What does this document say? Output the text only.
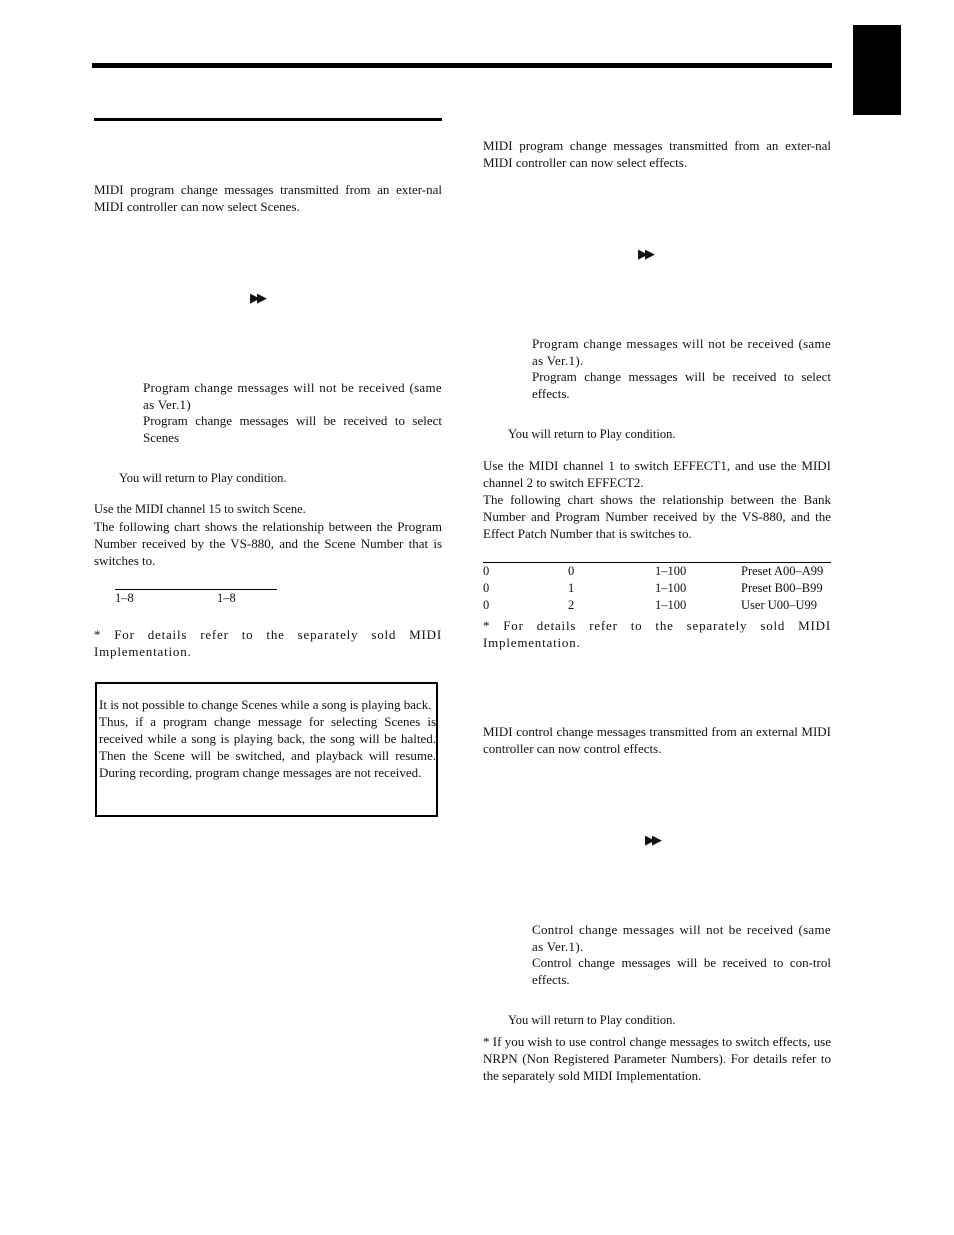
MIDI program change messages transmitted from an exter-nal MIDI controller can now select Scenes.
▶▶
Program change messages will not be received (same as Ver.1)
Program change messages will be received to select Scenes
You will return to Play condition.
Use the MIDI channel 15 to switch Scene.
The following chart shows the relationship between the Program Number received by the VS-880, and the Scene Number that is switches to.
1–8	1–8
* For details refer to the separately sold MIDI Implementation.
It is not possible to change Scenes while a song is playing back.
Thus, if a program change message for selecting Scenes is received while a song is playing back, the song will be halted. Then the Scene will be switched, and playback will resume. During recording, program change messages are not received.
MIDI program change messages transmitted from an exter-nal MIDI controller can now select effects.
▶▶
Program change messages will not be received (same as Ver.1).
Program change messages will be received to select effects.
You will return to Play condition.
Use the MIDI channel 1 to switch EFFECT1, and use the MIDI channel 2 to switch EFFECT2.
The following chart shows the relationship between the Bank Number and Program Number received by the VS-880, and the Effect Patch Number that is switches to.
0	0	1–100	Preset A00–A99
0	1	1–100	Preset B00–B99
0	2	1–100	User U00–U99
* For details refer to the separately sold MIDI Implementation.
MIDI control change messages transmitted from an external MIDI controller can now control effects.
▶▶
Control change messages will not be received (same as Ver.1).
Control change messages will be received to con-trol effects.
You will return to Play condition.
* If you wish to use control change messages to switch effects, use NRPN (Non Registered Parameter Numbers). For details refer to the separately sold MIDI Implementation.
